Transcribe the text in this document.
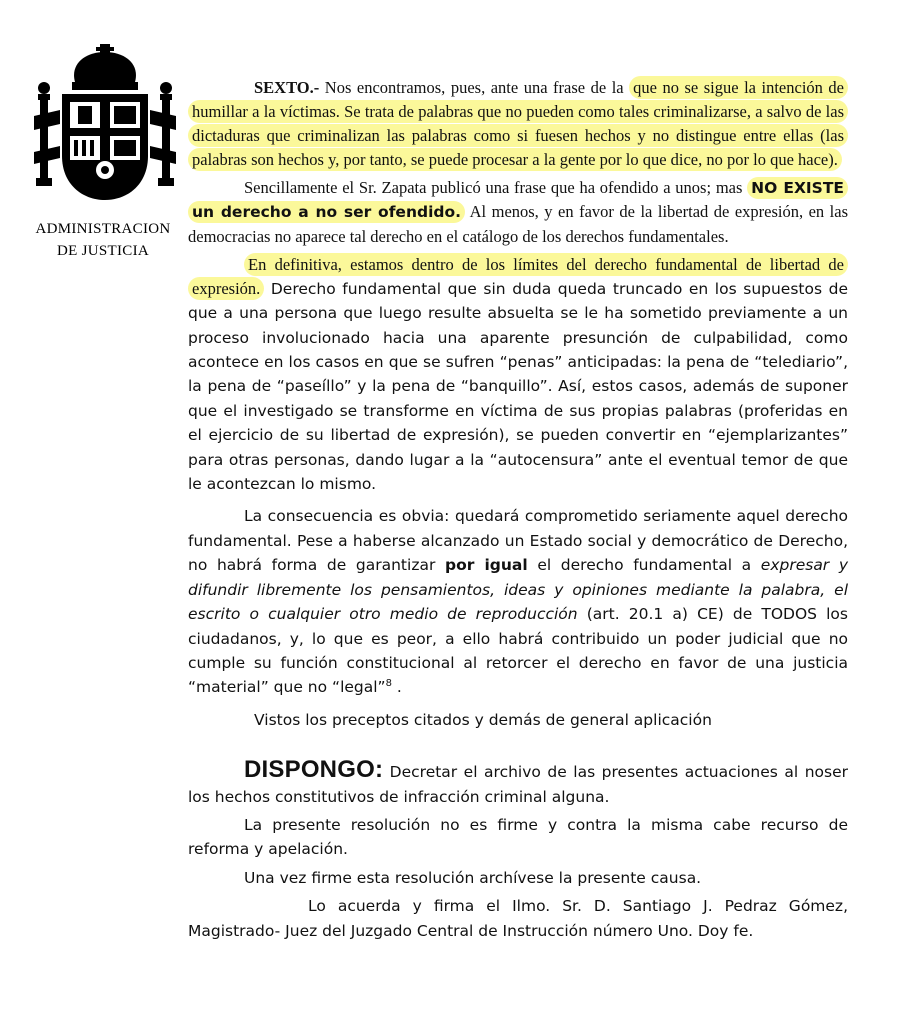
ADMINISTRACION
DE JUSTICIA

SEXTO.- Nos encontramos, pues, ante una frase de la que no se sigue la intención de humillar a la víctimas. Se trata de palabras que no pueden como tales criminalizarse, a salvo de las dictaduras que criminalizan las palabras como si fuesen hechos y no distingue entre ellas (las palabras son hechos y, por tanto, se puede procesar a la gente por lo que dice, no por lo que hace).

Sencillamente el Sr. Zapata publicó una frase que ha ofendido a unos; mas NO EXISTE un derecho a no ser ofendido. Al menos, y en favor de la libertad de expresión, en las democracias no aparece tal derecho en el catálogo de los derechos fundamentales.

En definitiva, estamos dentro de los límites del derecho fundamental de libertad de expresión. Derecho fundamental que sin duda queda truncado en los supuestos de que a una persona que luego resulte absuelta se le ha sometido previamente a un proceso involucionado hacia una aparente presunción de culpabilidad, como acontece en los casos en que se sufren “penas” anticipadas: la pena de “telediario”, la pena de “paseíllo” y la pena de “banquillo”. Así, estos casos, además de suponer que el investigado se transforme en víctima de sus propias palabras (proferidas en el ejercicio de su libertad de expresión), se pueden convertir en “ejemplarizantes” para otras personas, dando lugar a la “autocensura” ante el eventual temor de que le acontezcan lo mismo.

La consecuencia es obvia: quedará comprometido seriamente aquel derecho fundamental. Pese a haberse alcanzado un Estado social y democrático de Derecho, no habrá forma de garantizar por igual el derecho fundamental a expresar y difundir libremente los pensamientos, ideas y opiniones mediante la palabra, el escrito o cualquier otro medio de reproducción (art. 20.1 a) CE) de TODOS los ciudadanos, y, lo que es peor, a ello habrá contribuido un poder judicial que no cumple su función constitucional al retorcer el derecho en favor de una justicia “material” que no “legal”$^8$ .

Vistos los preceptos citados y demás de general aplicación

DISPONGO: Decretar el archivo de las presentes actuaciones al noser los hechos constitutivos de infracción criminal alguna.

La presente resolución no es firme y contra la misma cabe recurso de reforma y apelación.

Una vez firme esta resolución archívese la presente causa.

Lo acuerda y firma el Ilmo. Sr. D. Santiago J. Pedraz Gómez, Magistrado- Juez del Juzgado Central de Instrucción número Uno. Doy fe.
